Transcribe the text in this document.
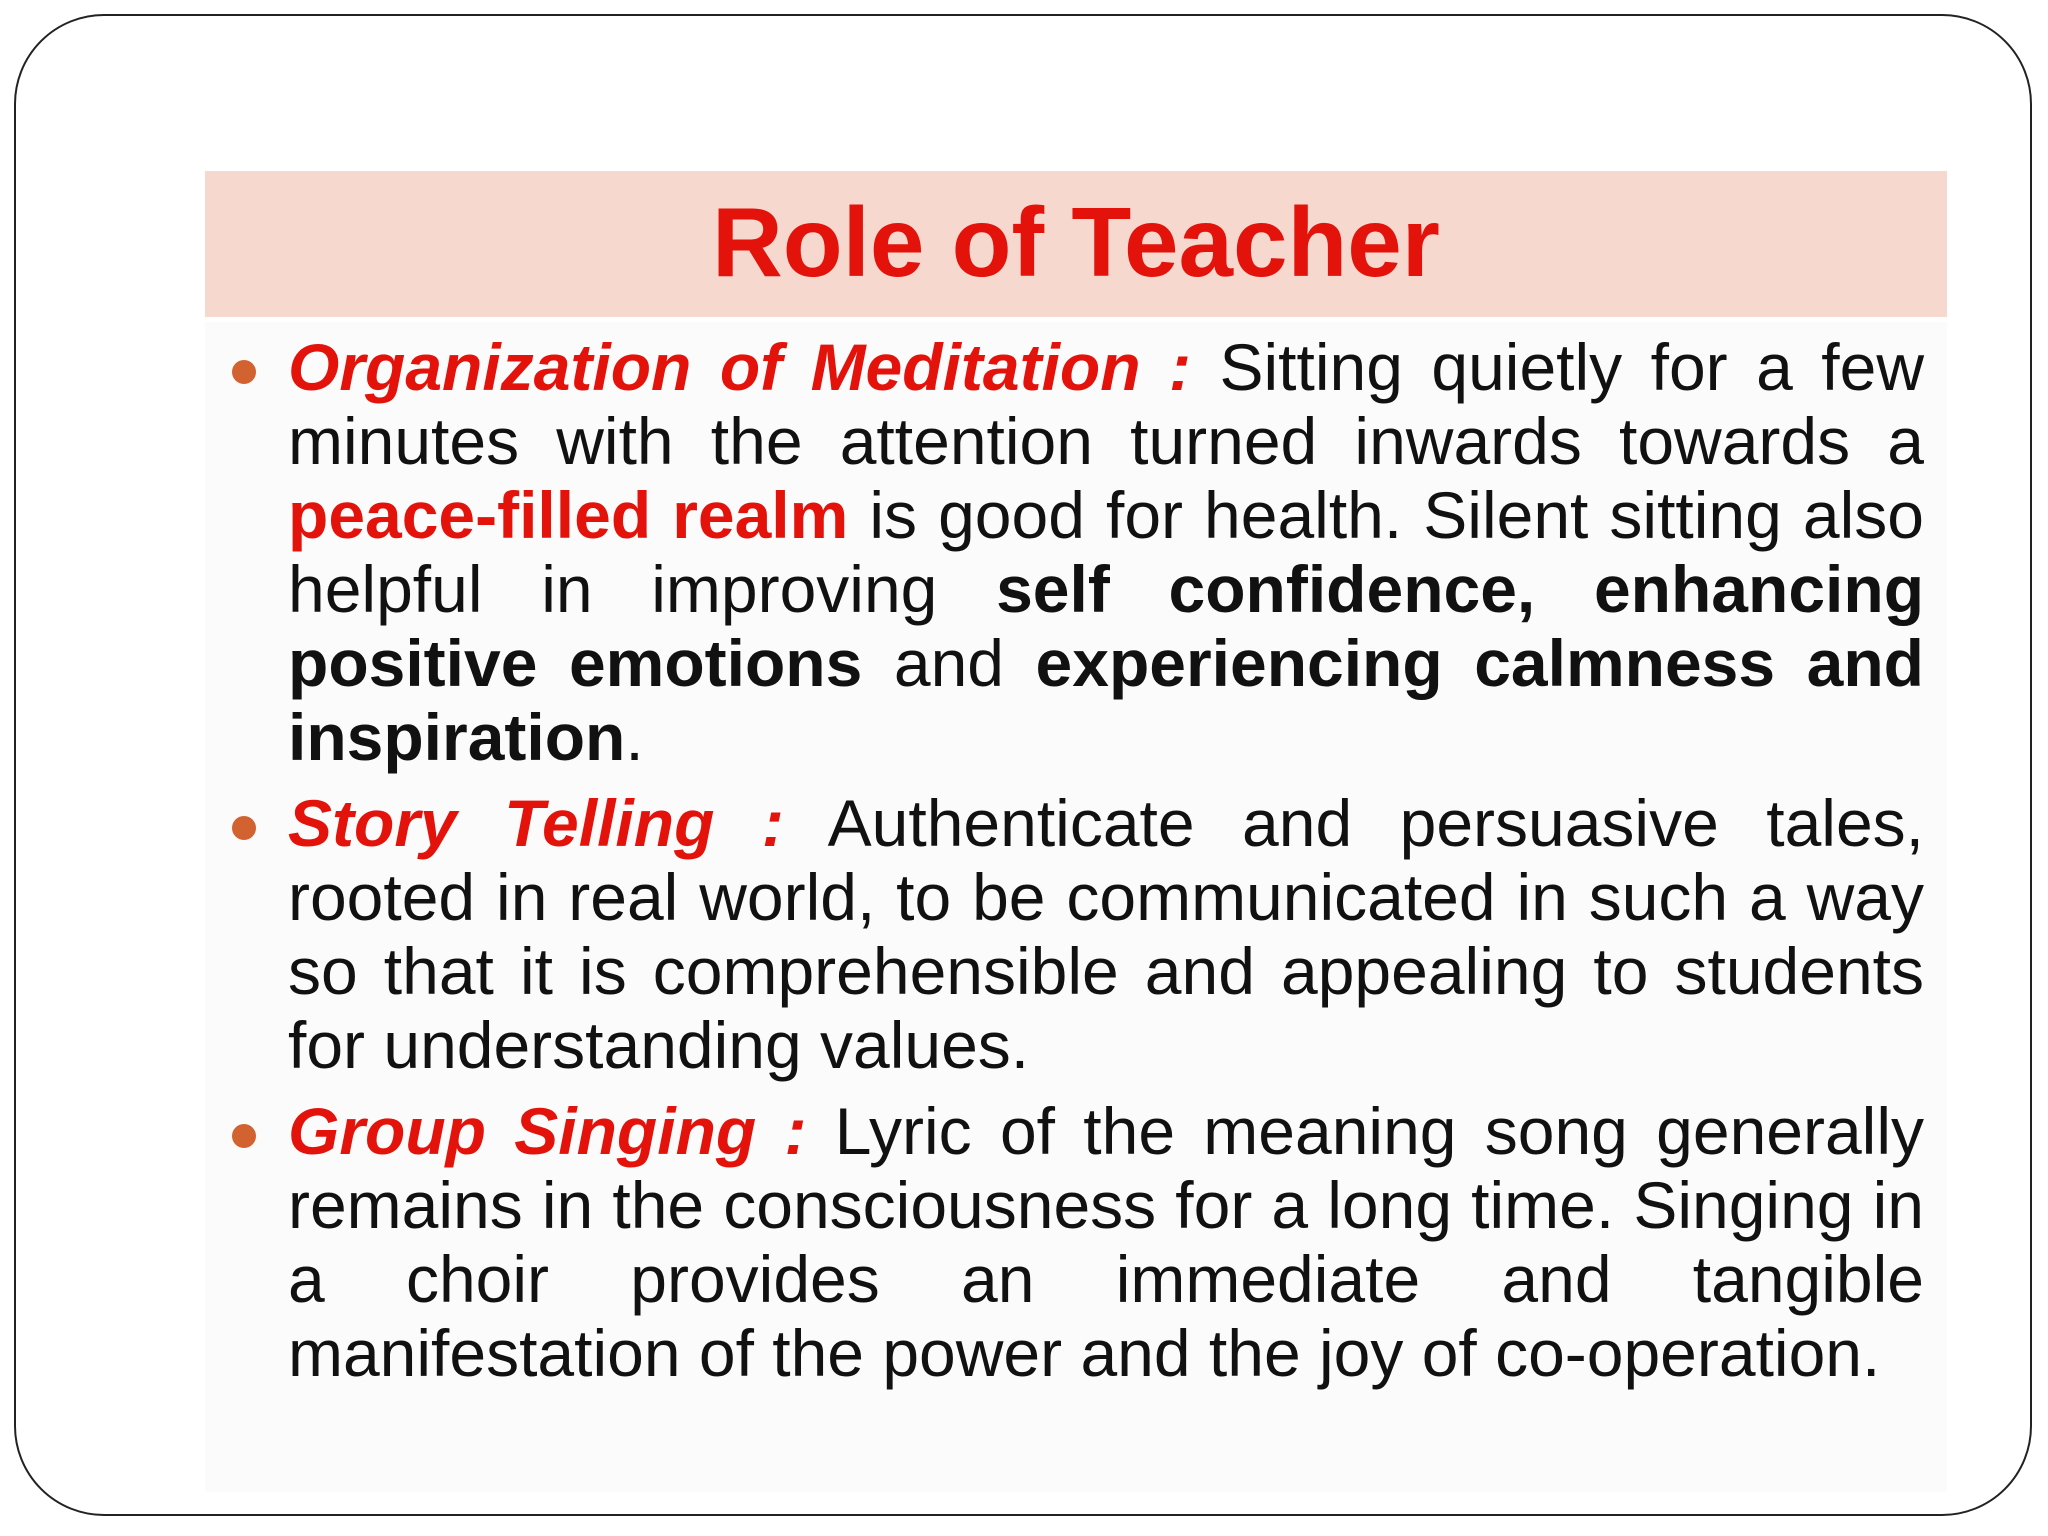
Role of Teacher
Organization of Meditation : Sitting quietly for a few minutes with the attention turned inwards towards a peace-filled realm is good for health. Silent sitting also helpful in improving self confidence, enhancing positive emotions and experiencing calmness and inspiration.
Story Telling : Authenticate and persuasive tales, rooted in real world, to be communicated in such a way so that it is comprehensible and appealing to students for understanding values.
Group Singing : Lyric of the meaning song generally remains in the consciousness for a long time. Singing in a choir provides an immediate and tangible manifestation of the power and the joy of co-operation.
